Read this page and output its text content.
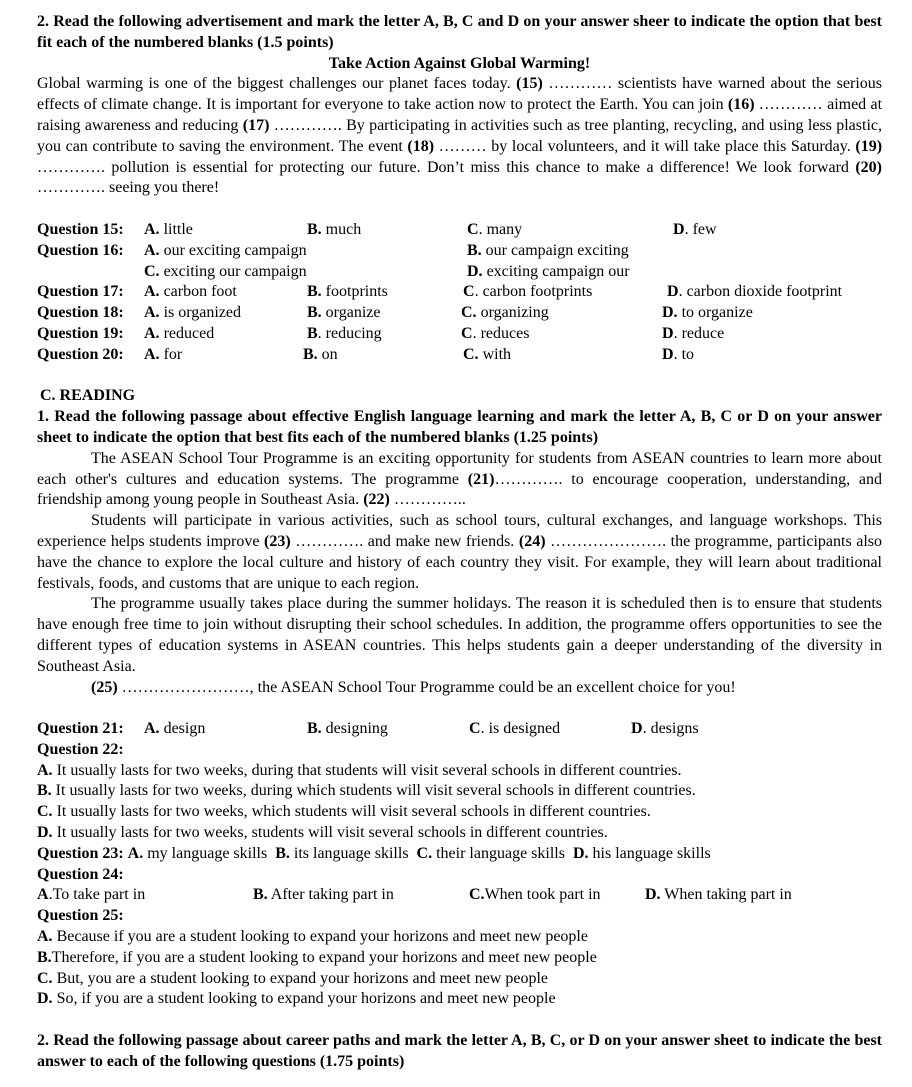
2. Read the following advertisement and mark the letter A, B, C and D on your answer sheer to indicate the option that best fit each of the numbered blanks (1.5 points)
Take Action Against Global Warming!
Global warming is one of the biggest challenges our planet faces today. (15) ………… scientists have warned about the serious effects of climate change. It is important for everyone to take action now to protect the Earth. You can join (16) ………… aimed at raising awareness and reducing (17) …………. By participating in activities such as tree planting, recycling, and using less plastic, you can contribute to saving the environment. The event (18) ……… by local volunteers, and it will take place this Saturday. (19) …………. pollution is essential for protecting our future. Don’t miss this chance to make a difference! We look forward (20) …………. seeing you there!
Question 15: A. little	B. much	C. many	D. few
Question 16: A. our exciting campaign	B. our campaign exciting
C. exciting our campaign	D. exciting campaign our
Question 17: A. carbon foot	B. footprints	C. carbon footprints	D. carbon dioxide footprint
Question 18: A. is organized	B. organize	C. organizing	D. to organize
Question 19: A. reduced	B. reducing	C. reduces	D. reduce
Question 20: A. for	B. on	C. with	D. to
C. READING
1. Read the following passage about effective English language learning and mark the letter A, B, C or D on your answer sheet to indicate the option that best fits each of the numbered blanks (1.25 points)
The ASEAN School Tour Programme is an exciting opportunity for students from ASEAN countries to learn more about each other's cultures and education systems. The programme (21)…………. to encourage cooperation, understanding, and friendship among young people in Southeast Asia. (22) …………..
Students will participate in various activities, such as school tours, cultural exchanges, and language workshops. This experience helps students improve (23) …………. and make new friends. (24) …………………. the programme, participants also have the chance to explore the local culture and history of each country they visit. For example, they will learn about traditional festivals, foods, and customs that are unique to each region.
The programme usually takes place during the summer holidays. The reason it is scheduled then is to ensure that students have enough free time to join without disrupting their school schedules. In addition, the programme offers opportunities to see the different types of education systems in ASEAN countries. This helps students gain a deeper understanding of the diversity in Southeast Asia.
(25) ……………………, the ASEAN School Tour Programme could be an excellent choice for you!
Question 21: A. design	B. designing	C. is designed	D. designs
Question 22:
A. It usually lasts for two weeks, during that students will visit several schools in different countries.
B. It usually lasts for two weeks, during which students will visit several schools in different countries.
C. It usually lasts for two weeks, which students will visit several schools in different countries.
D. It usually lasts for two weeks, students will visit several schools in different countries.
Question 23: A. my language skills  B. its language skills  C. their language skills  D. his language skills
Question 24:
A.To take part in	B. After taking part in	C.When took part in	D. When taking part in
Question 25:
A. Because if you are a student looking to expand your horizons and meet new people
B.Therefore, if you are a student looking to expand your horizons and meet new people
C. But, you are a student looking to expand your horizons and meet new people
D. So, if you are a student looking to expand your horizons and meet new people
2. Read the following passage about career paths and mark the letter A, B, C, or D on your answer sheet to indicate the best answer to each of the following questions (1.75 points)
